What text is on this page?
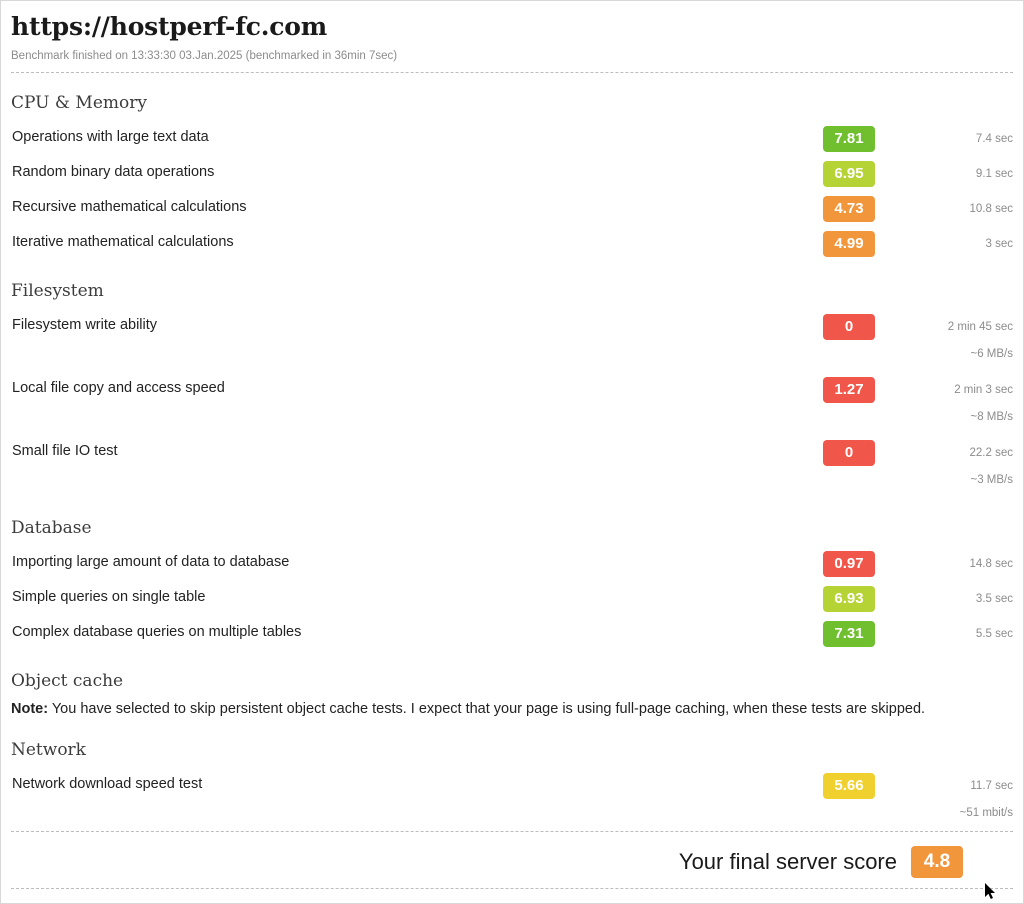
https://hostperf-fc.com
Benchmark finished on 13:33:30 03.Jan.2025 (benchmarked in 36min 7sec)
CPU & Memory
Operations with large text data	7.81	7.4 sec
Random binary data operations	6.95	9.1 sec
Recursive mathematical calculations	4.73	10.8 sec
Iterative mathematical calculations	4.99	3 sec
Filesystem
Filesystem write ability	0	2 min 45 sec
~6 MB/s
Local file copy and access speed	1.27	2 min 3 sec
~8 MB/s
Small file IO test	0	22.2 sec
~3 MB/s
Database
Importing large amount of data to database	0.97	14.8 sec
Simple queries on single table	6.93	3.5 sec
Complex database queries on multiple tables	7.31	5.5 sec
Object cache
Note: You have selected to skip persistent object cache tests. I expect that your page is using full-page caching, when these tests are skipped.
Network
Network download speed test	5.66	11.7 sec
~51 mbit/s
Your final server score	4.8
